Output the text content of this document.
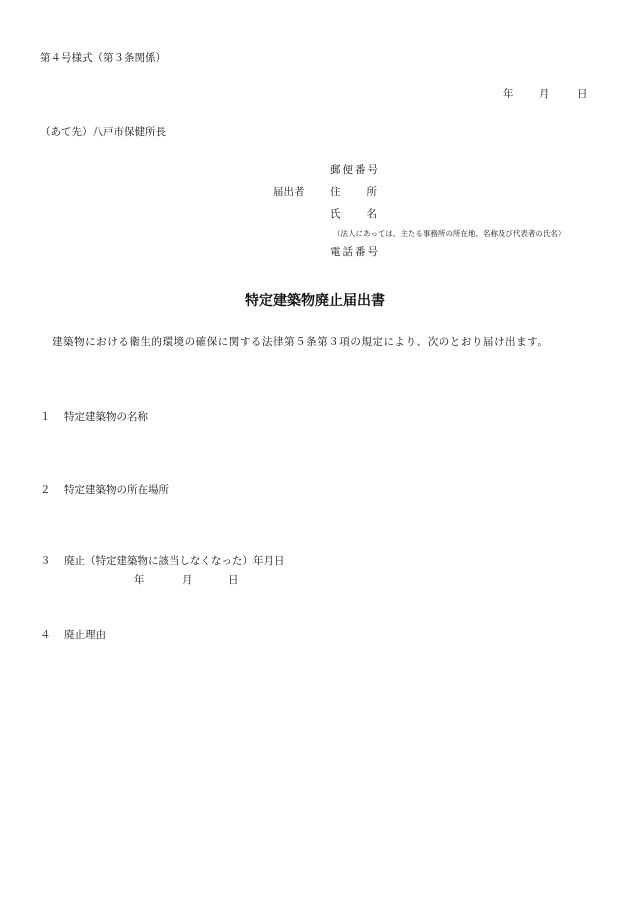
第４号様式（第３条関係）
年 月	日
（あて先）八戸市保健所長
郵便番号
届出者 住 所
氏 名
（法人にあっては、主たる事務所の所在地、名称及び代表者の氏名）
電話番号
特定建築物廃止届出書
建築物における衛生的環境の確保に関する法律第５条第３項の規定により、次のとおり届け出ます。
１ 特定建築物の名称
２ 特定建築物の所在場所
３ 廃止（特定建築物に該当しなくなった）年月日
年	月	日
４ 廃止理由
